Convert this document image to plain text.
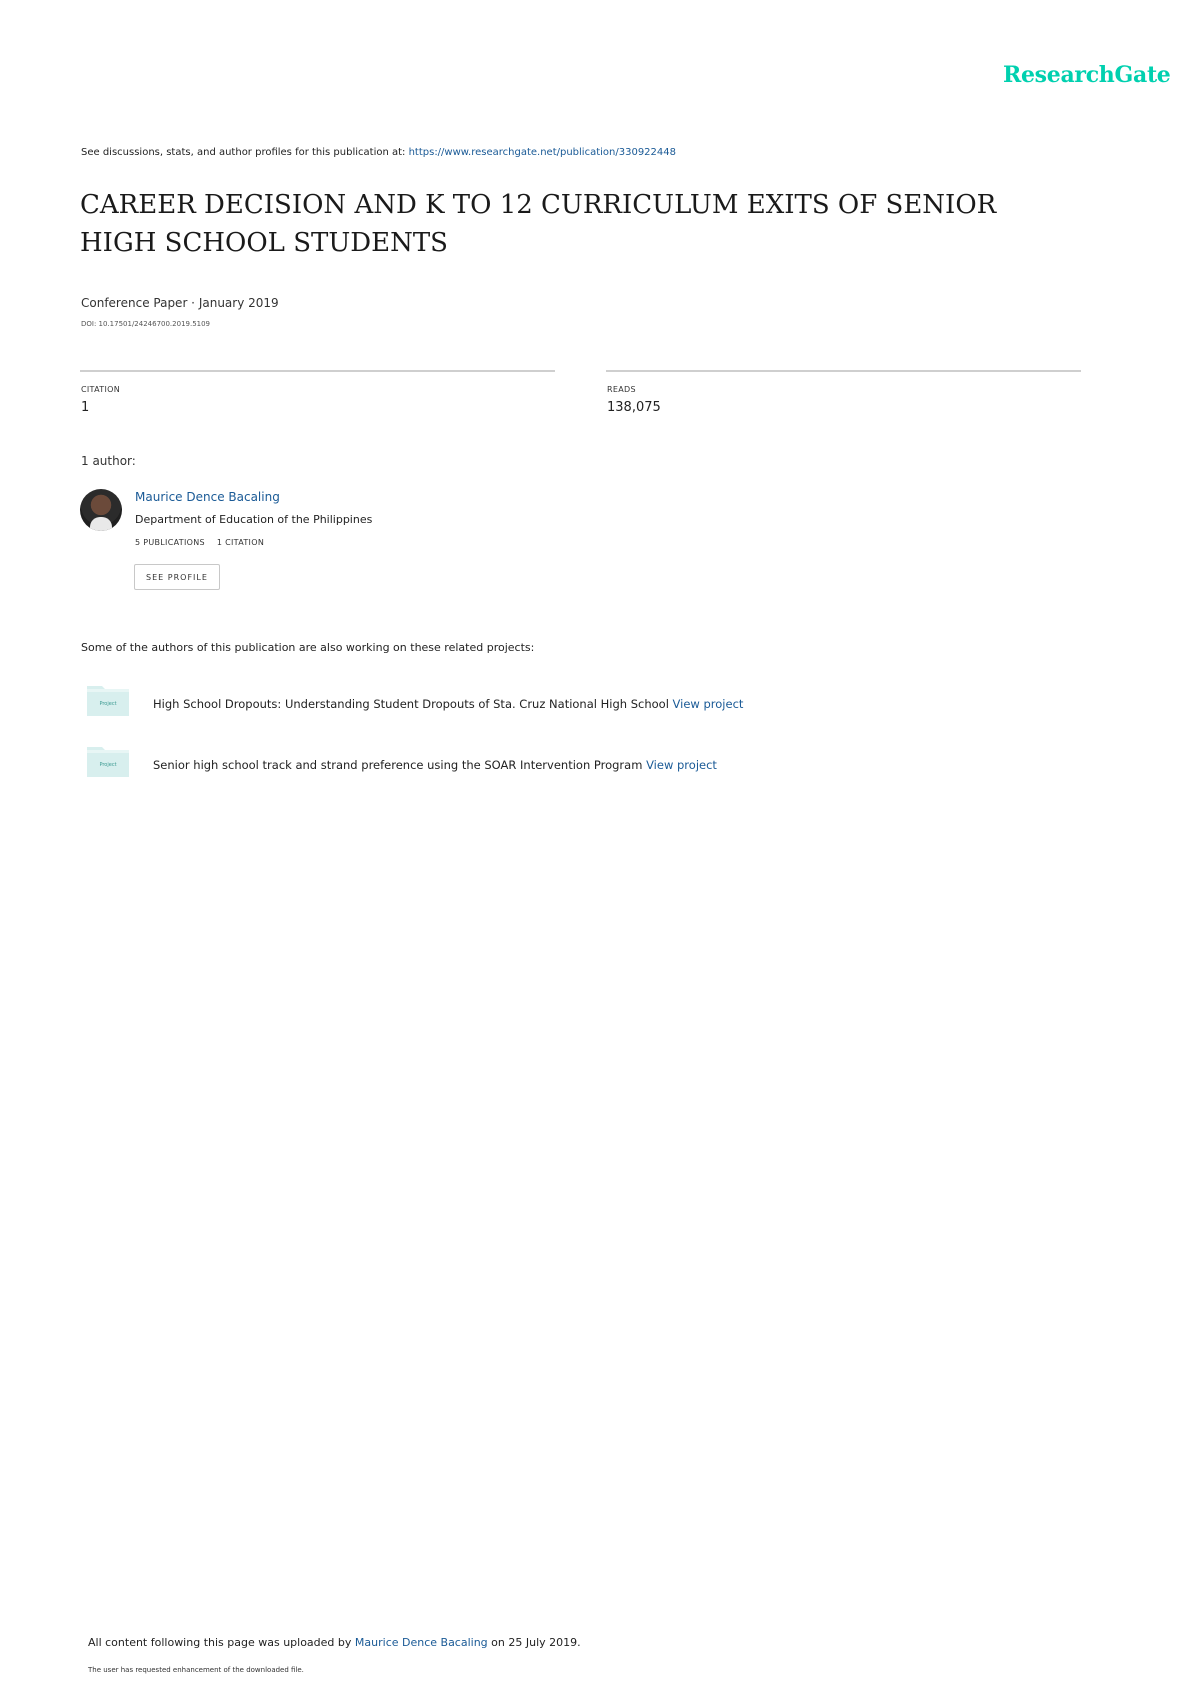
ResearchGate
See discussions, stats, and author profiles for this publication at: https://www.researchgate.net/publication/330922448
CAREER DECISION AND K TO 12 CURRICULUM EXITS OF SENIOR HIGH SCHOOL STUDENTS
Conference Paper · January 2019
DOI: 10.17501/24246700.2019.5109
CITATION
1
READS
138,075
1 author:
Maurice Dence Bacaling
Department of Education of the Philippines
5 PUBLICATIONS 1 CITATION
SEE PROFILE
Some of the authors of this publication are also working on these related projects:
Project	High School Dropouts: Understanding Student Dropouts of Sta. Cruz National High School View project
Project	Senior high school track and strand preference using the SOAR Intervention Program View project
All content following this page was uploaded by Maurice Dence Bacaling on 25 July 2019.
The user has requested enhancement of the downloaded file.
